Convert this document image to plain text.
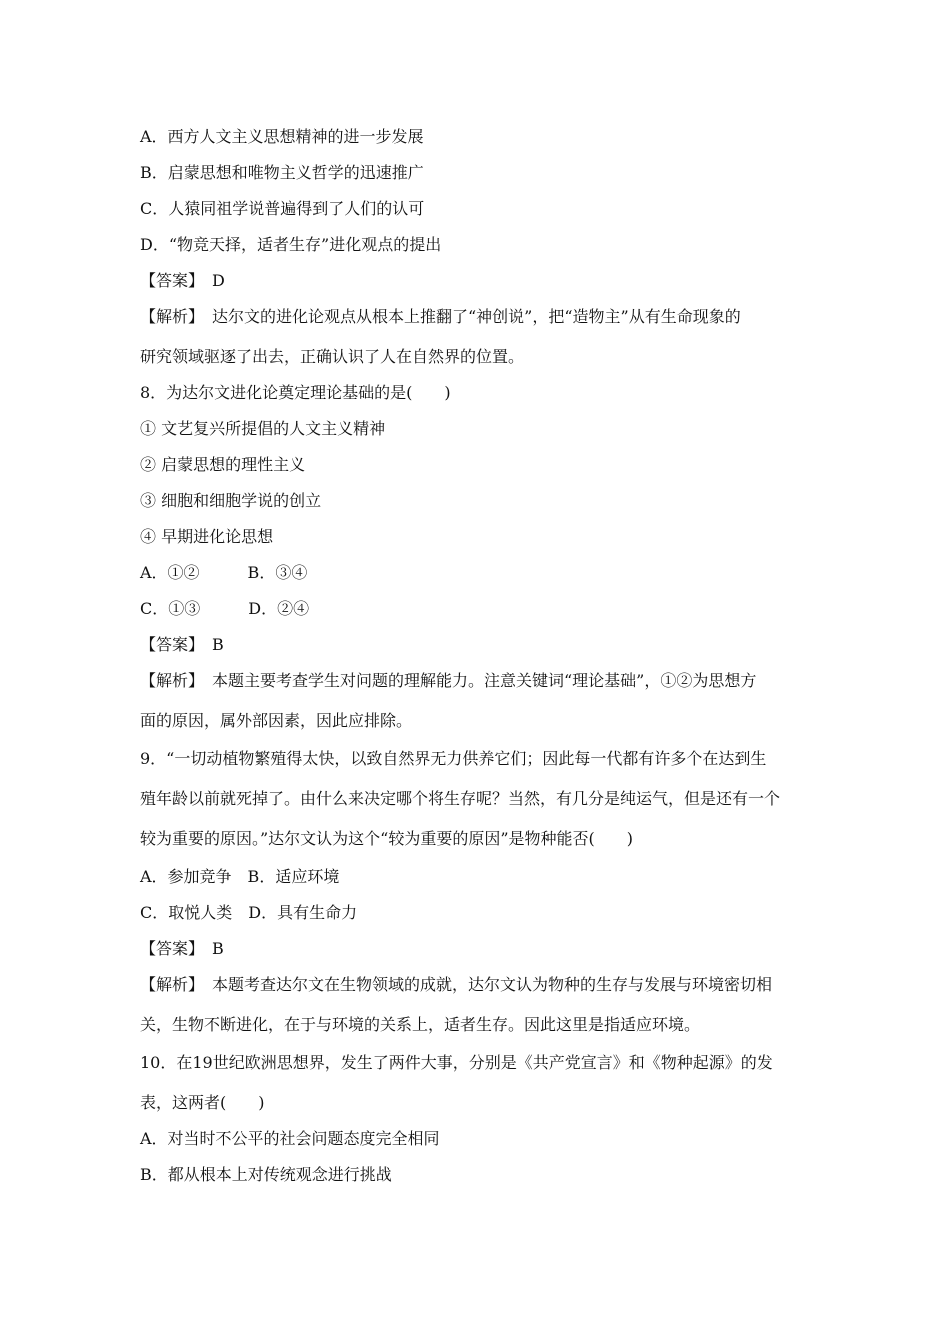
A．西方人文主义思想精神的进一步发展
B．启蒙思想和唯物主义哲学的迅速推广
C．人猿同祖学说普遍得到了人们的认可
D．“物竞天择，适者生存”进化观点的提出
【答案】　D
【解析】　达尔文的进化论观点从根本上推翻了“神创说”，把“造物主”从有生命现象的
研究领域驱逐了出去，正确认识了人在自然界的位置。
8．为达尔文进化论奠定理论基础的是(　　)
① 文艺复兴所提倡的人文主义精神
② 启蒙思想的理性主义
③ 细胞和细胞学说的创立
④ 早期进化论思想
A．①②　　　B．③④
C．①③　　　D．②④
【答案】　B
【解析】　本题主要考查学生对问题的理解能力。注意关键词“理论基础”，①②为思想方
面的原因，属外部因素，因此应排除。
9．“一切动植物繁殖得太快，以致自然界无力供养它们；因此每一代都有许多个在达到生
殖年龄以前就死掉了。由什么来决定哪个将生存呢？当然，有几分是纯运气，但是还有一个
较为重要的原因。”达尔文认为这个“较为重要的原因”是物种能否(　　)
A．参加竞争　B．适应环境
C．取悦人类　D．具有生命力
【答案】　B
【解析】　本题考查达尔文在生物领域的成就，达尔文认为物种的生存与发展与环境密切相
关，生物不断进化，在于与环境的关系上，适者生存。因此这里是指适应环境。
10．在19世纪欧洲思想界，发生了两件大事，分别是《共产党宣言》和《物种起源》的发
表，这两者(　　)
A．对当时不公平的社会问题态度完全相同
B．都从根本上对传统观念进行挑战
